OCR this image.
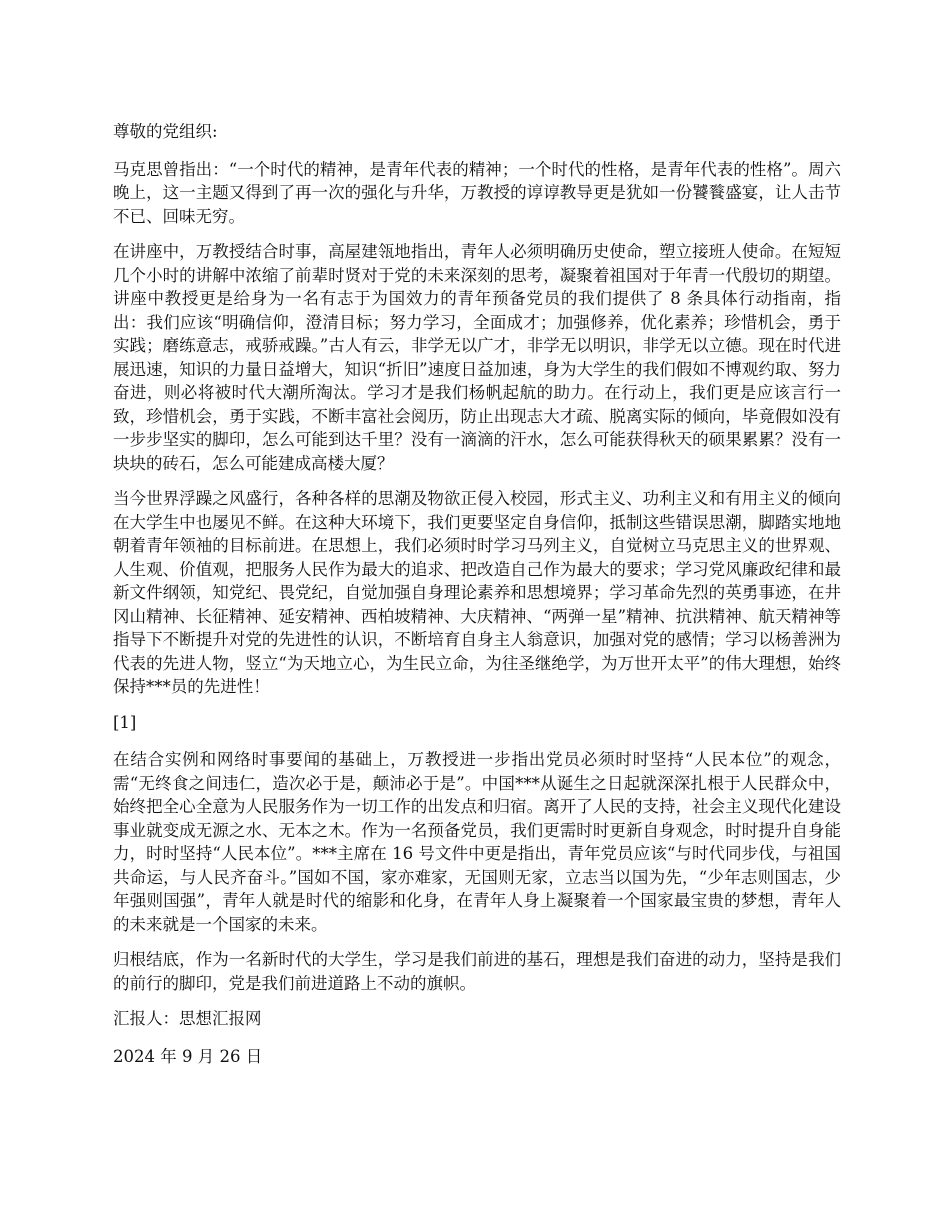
尊敬的党组织:

马克思曾指出：“一个时代的精神，是青年代表的精神；一个时代的性格，是青年代表的性格”。周六晚上，这一主题又得到了再一次的强化与升华，万教授的谆谆教导更是犹如一份饕餮盛宴，让人击节不已、回味无穷。

在讲座中，万教授结合时事，高屋建瓴地指出，青年人必须明确历史使命，塑立接班人使命。在短短几个小时的讲解中浓缩了前辈时贤对于党的未来深刻的思考，凝聚着祖国对于年青一代殷切的期望。讲座中教授更是给身为一名有志于为国效力的青年预备党员的我们提供了 8 条具体行动指南，指出：我们应该“明确信仰，澄清目标；努力学习，全面成才；加强修养，优化素养；珍惜机会，勇于实践；磨练意志，戒骄戒躁。”古人有云，非学无以广才，非学无以明识，非学无以立德。现在时代进展迅速，知识的力量日益增大，知识“折旧”速度日益加速，身为大学生的我们假如不博观约取、努力奋进，则必将被时代大潮所淘汰。学习才是我们杨帆起航的助力。在行动上，我们更是应该言行一致，珍惜机会，勇于实践，不断丰富社会阅历，防止出现志大才疏、脱离实际的倾向，毕竟假如没有一步步坚实的脚印，怎么可能到达千里？没有一滴滴的汗水，怎么可能获得秋天的硕果累累？没有一块块的砖石，怎么可能建成高楼大厦？

当今世界浮躁之风盛行，各种各样的思潮及物欲正侵入校园，形式主义、功利主义和有用主义的倾向在大学生中也屡见不鲜。在这种大环境下，我们更要坚定自身信仰，抵制这些错误思潮，脚踏实地地朝着青年领袖的目标前进。在思想上，我们必须时时学习马列主义，自觉树立马克思主义的世界观、人生观、价值观，把服务人民作为最大的追求、把改造自己作为最大的要求；学习党风廉政纪律和最新文件纲领，知党纪、畏党纪，自觉加强自身理论素养和思想境界；学习革命先烈的英勇事迹，在井冈山精神、长征精神、延安精神、西柏坡精神、大庆精神、“两弹一星”精神、抗洪精神、航天精神等指导下不断提升对党的先进性的认识，不断培育自身主人翁意识，加强对党的感情；学习以杨善洲为代表的先进人物，竖立“为天地立心，为生民立命，为往圣继绝学，为万世开太平”的伟大理想，始终保持***员的先进性！

[1]

在结合实例和网络时事要闻的基础上，万教授进一步指出党员必须时时坚持“人民本位”的观念，需“无终食之间违仁，造次必于是，颠沛必于是”。中国***从诞生之日起就深深扎根于人民群众中，始终把全心全意为人民服务作为一切工作的出发点和归宿。离开了人民的支持，社会主义现代化建设事业就变成无源之水、无本之木。作为一名预备党员，我们更需时时更新自身观念，时时提升自身能力，时时坚持“人民本位”。***主席在 16 号文件中更是指出，青年党员应该“与时代同步伐，与祖国共命运，与人民齐奋斗。”国如不国，家亦难家，无国则无家，立志当以国为先，“少年志则国志，少年强则国强”，青年人就是时代的缩影和化身，在青年人身上凝聚着一个国家最宝贵的梦想，青年人的未来就是一个国家的未来。

归根结底，作为一名新时代的大学生，学习是我们前进的基石，理想是我们奋进的动力，坚持是我们的前行的脚印，党是我们前进道路上不动的旗帜。

汇报人：思想汇报网

2024 年 9 月 26 日
